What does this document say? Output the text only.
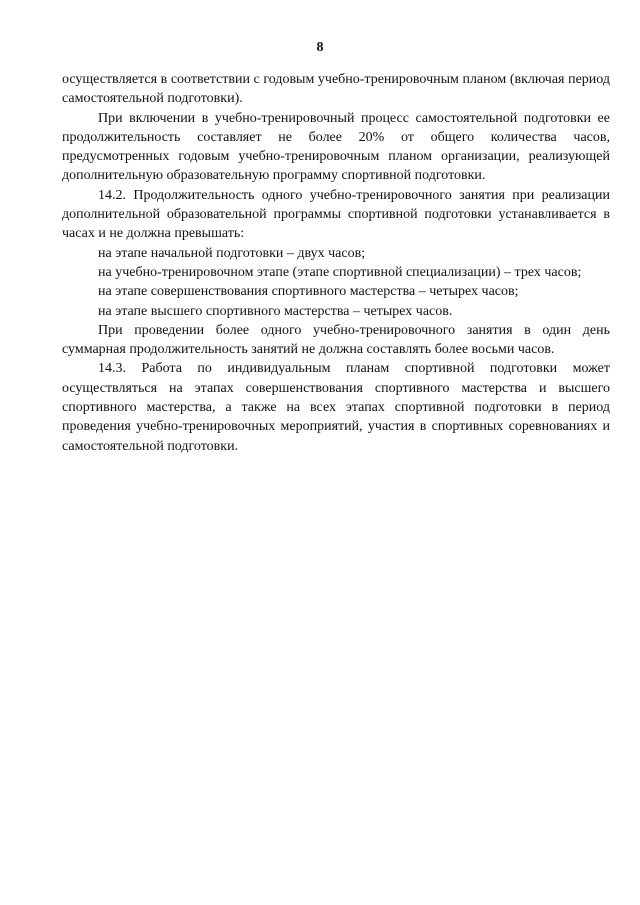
8

осуществляется в соответствии с годовым учебно-тренировочным планом (включая период самостоятельной подготовки).

При включении в учебно-тренировочный процесс самостоятельной подготовки ее продолжительность составляет не более 20% от общего количества часов, предусмотренных годовым учебно-тренировочным планом организации, реализующей дополнительную образовательную программу спортивной подготовки.

14.2. Продолжительность одного учебно-тренировочного занятия при реализации дополнительной образовательной программы спортивной подготовки устанавливается в часах и не должна превышать:

на этапе начальной подготовки – двух часов;

на учебно-тренировочном этапе (этапе спортивной специализации) – трех часов;

на этапе совершенствования спортивного мастерства – четырех часов;

на этапе высшего спортивного мастерства – четырех часов.

При проведении более одного учебно-тренировочного занятия в один день суммарная продолжительность занятий не должна составлять более восьми часов.

14.3. Работа по индивидуальным планам спортивной подготовки может осуществляться на этапах совершенствования спортивного мастерства и высшего спортивного мастерства, а также на всех этапах спортивной подготовки в период проведения учебно-тренировочных мероприятий, участия в спортивных соревнованиях и самостоятельной подготовки.
